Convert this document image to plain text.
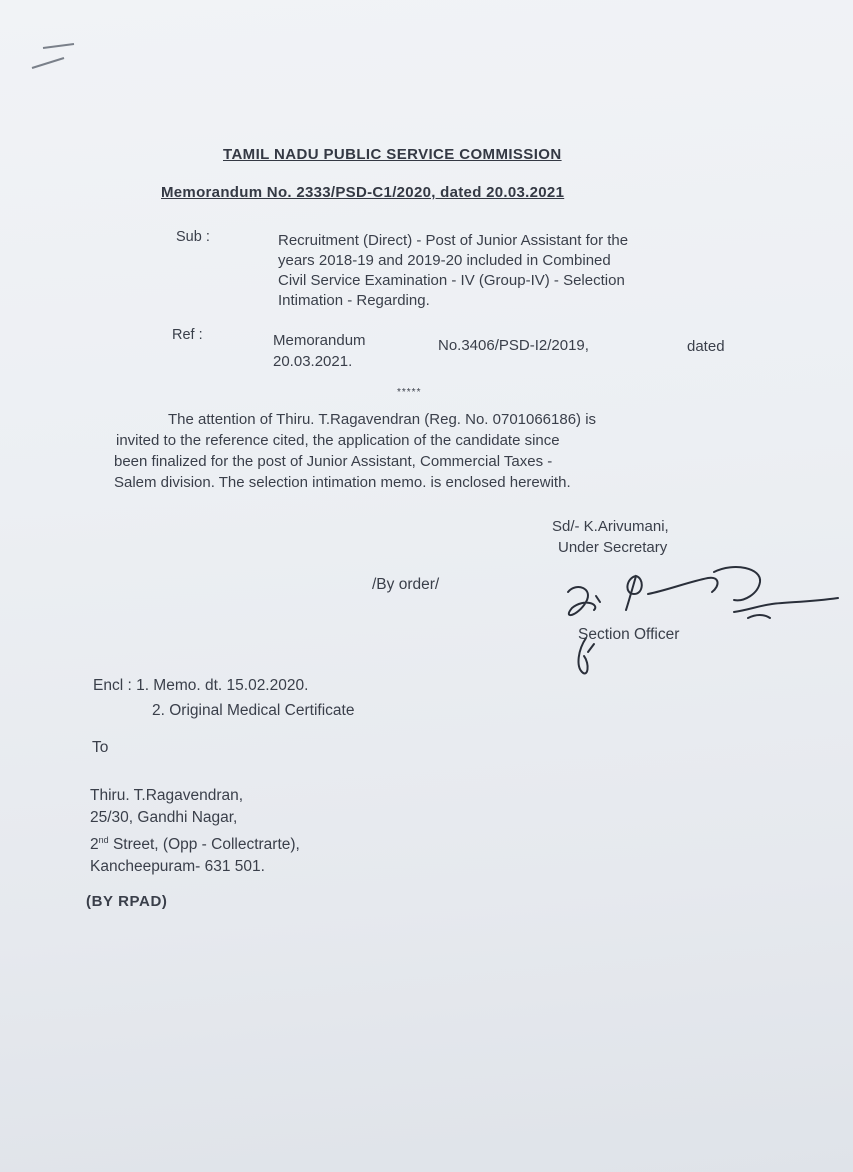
TAMIL NADU PUBLIC SERVICE COMMISSION
Memorandum No. 2333/PSD-C1/2020, dated 20.03.2021
Sub :	Recruitment (Direct) - Post of Junior Assistant for the
years 2018-19 and 2019-20 included in Combined
Civil Service Examination - IV (Group-IV) - Selection
Intimation - Regarding.
Ref :	Memorandum	No.3406/PSD-I2/2019,	dated
20.03.2021.
*****
The attention of Thiru. T.Ragavendran (Reg. No. 0701066186) is
invited to the reference cited, the application of the candidate since
been finalized for the post of Junior Assistant, Commercial Taxes -
Salem division. The selection intimation memo. is enclosed herewith.
Sd/- K.Arivumani,
Under Secretary
/By order/
Section Officer
Encl : 1. Memo. dt. 15.02.2020.
2. Original Medical Certificate
To
Thiru. T.Ragavendran,
25/30, Gandhi Nagar,
2nd Street, (Opp - Collectrarte),
Kancheepuram- 631 501.
(BY RPAD)
